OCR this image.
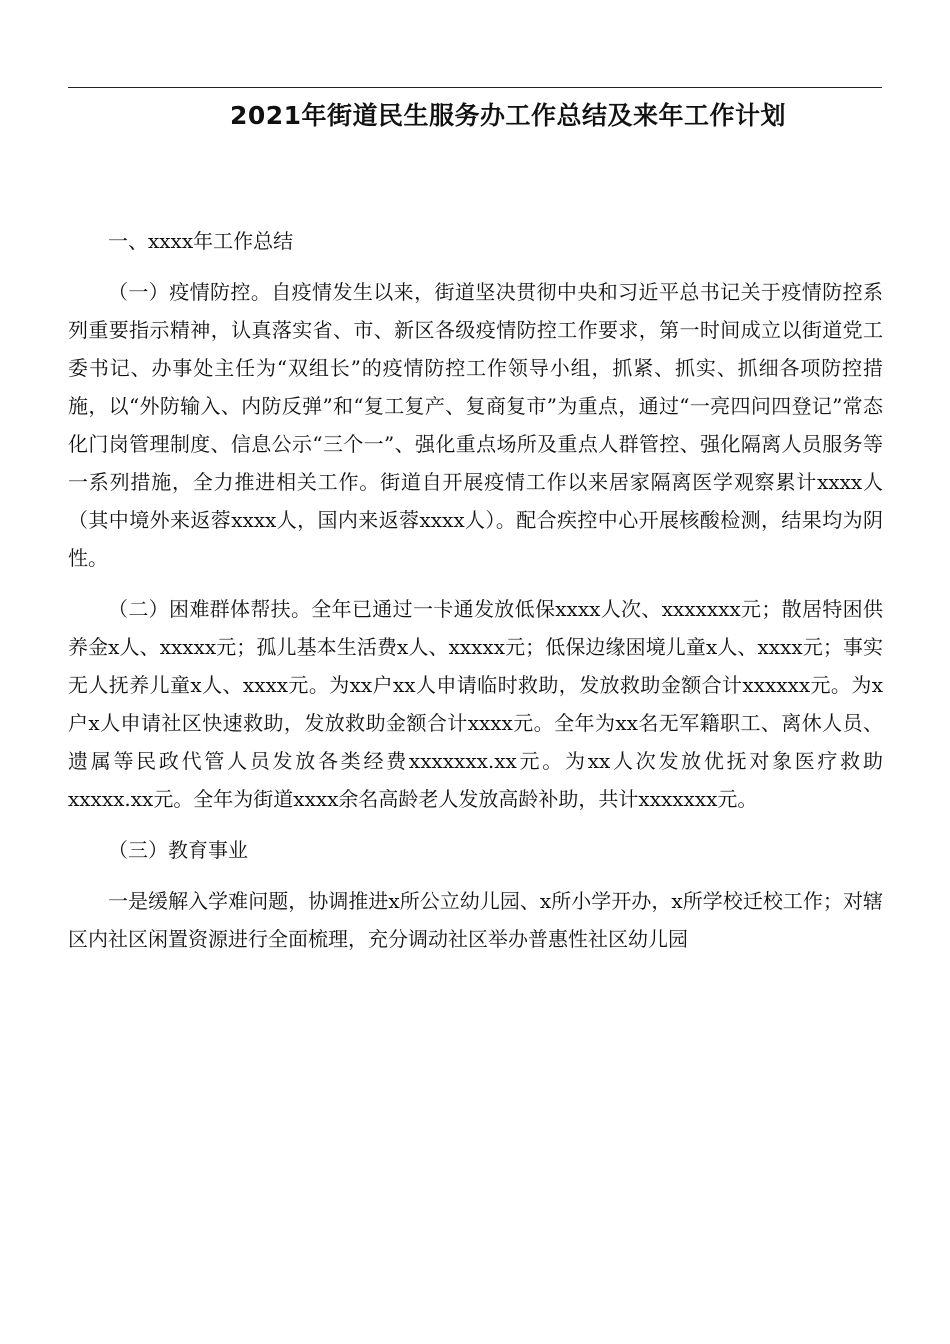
2021年街道民生服务办工作总结及来年工作计划

一、xxxx年工作总结

（一）疫情防控。自疫情发生以来，街道坚决贯彻中央和习近平总书记关于疫情防控系列重要指示精神，认真落实省、市、新区各级疫情防控工作要求，第一时间成立以街道党工委书记、办事处主任为“双组长”的疫情防控工作领导小组，抓紧、抓实、抓细各项防控措施，以“外防输入、内防反弹”和“复工复产、复商复市”为重点，通过“一亮四问四登记”常态化门岗管理制度、信息公示“三个一”、强化重点场所及重点人群管控、强化隔离人员服务等一系列措施，全力推进相关工作。街道自开展疫情工作以来居家隔离医学观察累计xxxx人（其中境外来返蓉xxxx人，国内来返蓉xxxx人）。配合疾控中心开展核酸检测，结果均为阴性。

（二）困难群体帮扶。全年已通过一卡通发放低保xxxx人次、xxxxxxx元；散居特困供养金x人、xxxxx元；孤儿基本生活费x人、xxxxx元；低保边缘困境儿童x人、xxxx元；事实无人抚养儿童x人、xxxx元。为xx户xx人申请临时救助，发放救助金额合计xxxxxx元。为x户x人申请社区快速救助，发放救助金额合计xxxx元。全年为xx名无军籍职工、离休人员、遗属等民政代管人员发放各类经费xxxxxxx.xx元。为xx人次发放优抚对象医疗救助xxxxx.xx元。全年为街道xxxx余名高龄老人发放高龄补助，共计xxxxxxx元。

（三）教育事业

一是缓解入学难问题，协调推进x所公立幼儿园、x所小学开办，x所学校迁校工作；对辖区内社区闲置资源进行全面梳理，充分调动社区举办普惠性社区幼儿园
